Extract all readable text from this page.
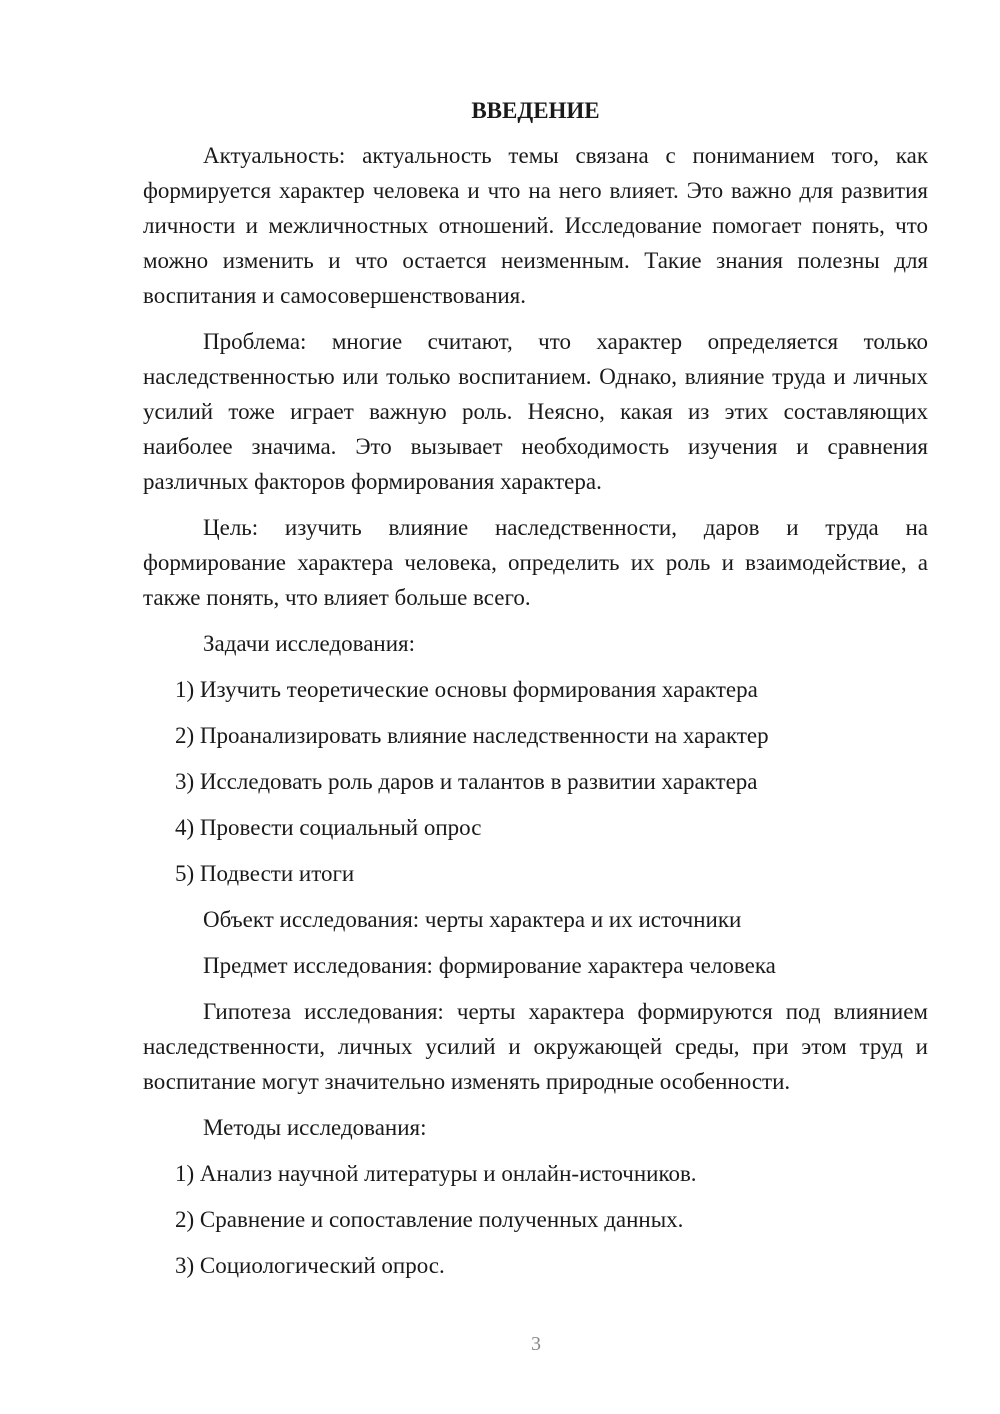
ВВЕДЕНИЕ

Актуальность: актуальность темы связана с пониманием того, как формируется характер человека и что на него влияет. Это важно для развития личности и межличностных отношений. Исследование помогает понять, что можно изменить и что остается неизменным. Такие знания полезны для воспитания и самосовершенствования.

Проблема: многие считают, что характер определяется только наследственностью или только воспитанием. Однако, влияние труда и личных усилий тоже играет важную роль. Неясно, какая из этих составляющих наиболее значима. Это вызывает необходимость изучения и сравнения различных факторов формирования характера.

Цель: изучить влияние наследственности, даров и труда на формирование характера человека, определить их роль и взаимодействие, а также понять, что влияет больше всего.

Задачи исследования:
1) Изучить теоретические основы формирования характера
2) Проанализировать влияние наследственности на характер
3) Исследовать роль даров и талантов в развитии характера
4) Провести социальный опрос
5) Подвести итоги
Объект исследования: черты характера и их источники
Предмет исследования: формирование характера человека

Гипотеза исследования: черты характера формируются под влиянием наследственности, личных усилий и окружающей среды, при этом труд и воспитание могут значительно изменять природные особенности.

Методы исследования:
1) Анализ научной литературы и онлайн-источников.
2) Сравнение и сопоставление полученных данных.
3) Социологический опрос.
3
